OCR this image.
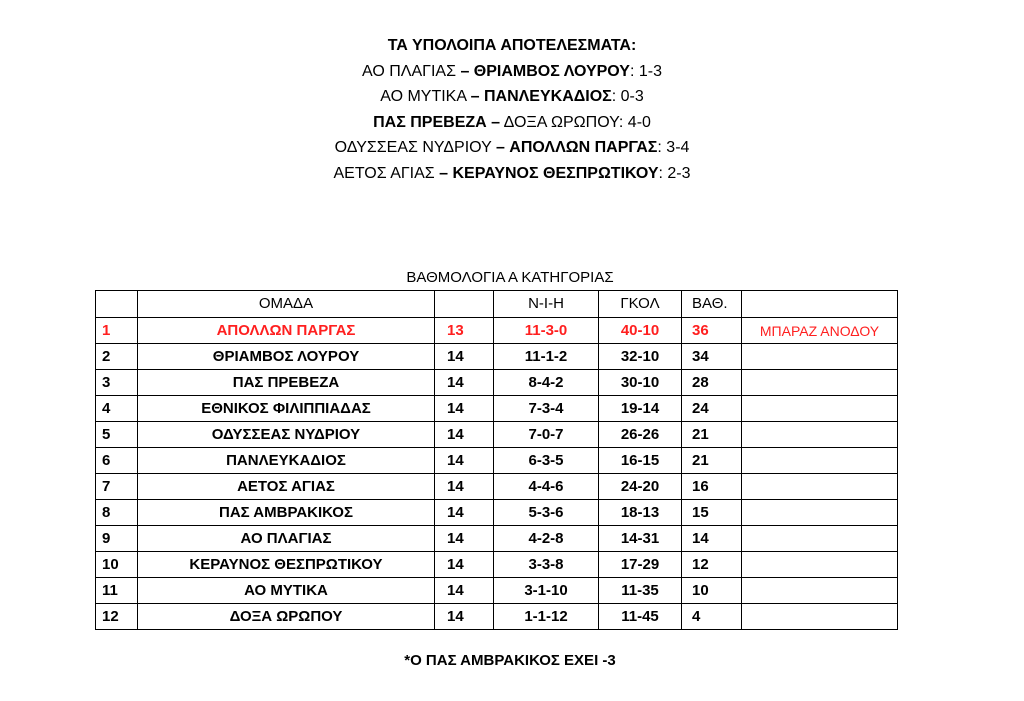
ΤΑ ΥΠΟΛΟΙΠΑ ΑΠΟΤΕΛΕΣΜΑΤΑ:
ΑΟ ΠΛΑΓΙΑΣ – ΘΡΙΑΜΒΟΣ ΛΟΥΡΟΥ: 1-3
ΑΟ ΜΥΤΙΚΑ – ΠΑΝΛΕΥΚΑΔΙΟΣ: 0-3
ΠΑΣ ΠΡΕΒΕΖΑ – ΔΟΞΑ ΩΡΩΠΟΥ: 4-0
ΟΔΥΣΣΕΑΣ ΝΥΔΡΙΟΥ – ΑΠΟΛΛΩΝ ΠΑΡΓΑΣ: 3-4
ΑΕΤΟΣ ΑΓΙΑΣ – ΚΕΡΑΥΝΟΣ ΘΕΣΠΡΩΤΙΚΟΥ: 2-3
ΒΑΘΜΟΛΟΓΙΑ Α ΚΑΤΗΓΟΡΙΑΣ
	ΟΜΑΔΑ		Ν-Ι-Η	ΓΚΟΛ	ΒΑΘ.	
1	ΑΠΟΛΛΩΝ ΠΑΡΓΑΣ	13	11-3-0	40-10	36	ΜΠΑΡΑΖ ΑΝΟΔΟΥ
2	ΘΡΙΑΜΒΟΣ ΛΟΥΡΟΥ	14	11-1-2	32-10	34	
3	ΠΑΣ ΠΡΕΒΕΖΑ	14	8-4-2	30-10	28	
4	ΕΘΝΙΚΟΣ ΦΙΛΙΠΠΙΑΔΑΣ	14	7-3-4	19-14	24	
5	ΟΔΥΣΣΕΑΣ ΝΥΔΡΙΟΥ	14	7-0-7	26-26	21	
6	ΠΑΝΛΕΥΚΑΔΙΟΣ	14	6-3-5	16-15	21	
7	ΑΕΤΟΣ ΑΓΙΑΣ	14	4-4-6	24-20	16	
8	ΠΑΣ ΑΜΒΡΑΚΙΚΟΣ	14	5-3-6	18-13	15	
9	ΑΟ ΠΛΑΓΙΑΣ	14	4-2-8	14-31	14	
10	ΚΕΡΑΥΝΟΣ ΘΕΣΠΡΩΤΙΚΟΥ	14	3-3-8	17-29	12	
11	ΑΟ ΜΥΤΙΚΑ	14	3-1-10	11-35	10	
12	ΔΟΞΑ ΩΡΩΠΟΥ	14	1-1-12	11-45	4	
*Ο ΠΑΣ ΑΜΒΡΑΚΙΚΟΣ ΕΧΕΙ -3
